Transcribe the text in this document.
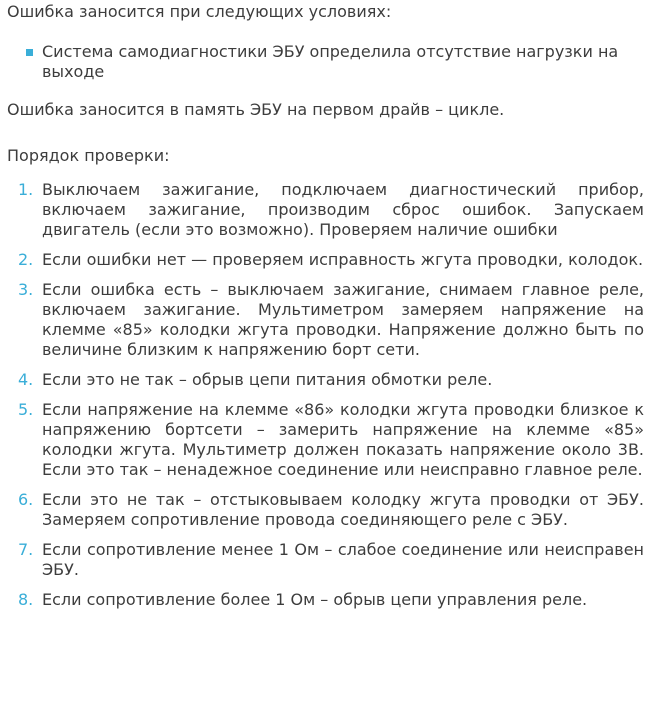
Ошибка заносится при следующих условиях:

Система самодиагностики ЭБУ определила отсутствие нагрузки на выходе

Ошибка заносится в память ЭБУ на первом драйв – цикле.

Порядок проверки:

1. Выключаем зажигание, подключаем диагностический прибор, включаем зажигание, производим сброс ошибок. Запускаем двигатель (если это возможно). Проверяем наличие ошибки
2. Если ошибки нет — проверяем исправность жгута проводки, колодок.
3. Если ошибка есть – выключаем зажигание, снимаем главное реле, включаем зажигание. Мультиметром замеряем напряжение на клемме «85» колодки жгута проводки. Напряжение должно быть по величине близким к напряжению борт сети.
4. Если это не так – обрыв цепи питания обмотки реле.
5. Если напряжение на клемме «86» колодки жгута проводки близкое к напряжению бортсети – замерить напряжение на клемме «85» колодки жгута. Мультиметр должен показать напряжение около 3В. Если это так – ненадежное соединение или неисправно главное реле.
6. Если это не так – отстыковываем колодку жгута проводки от ЭБУ. Замеряем сопротивление провода соединяющего реле с ЭБУ.
7. Если сопротивление менее 1 Ом – слабое соединение или неисправен ЭБУ.
8. Если сопротивление более 1 Ом – обрыв цепи управления реле.
